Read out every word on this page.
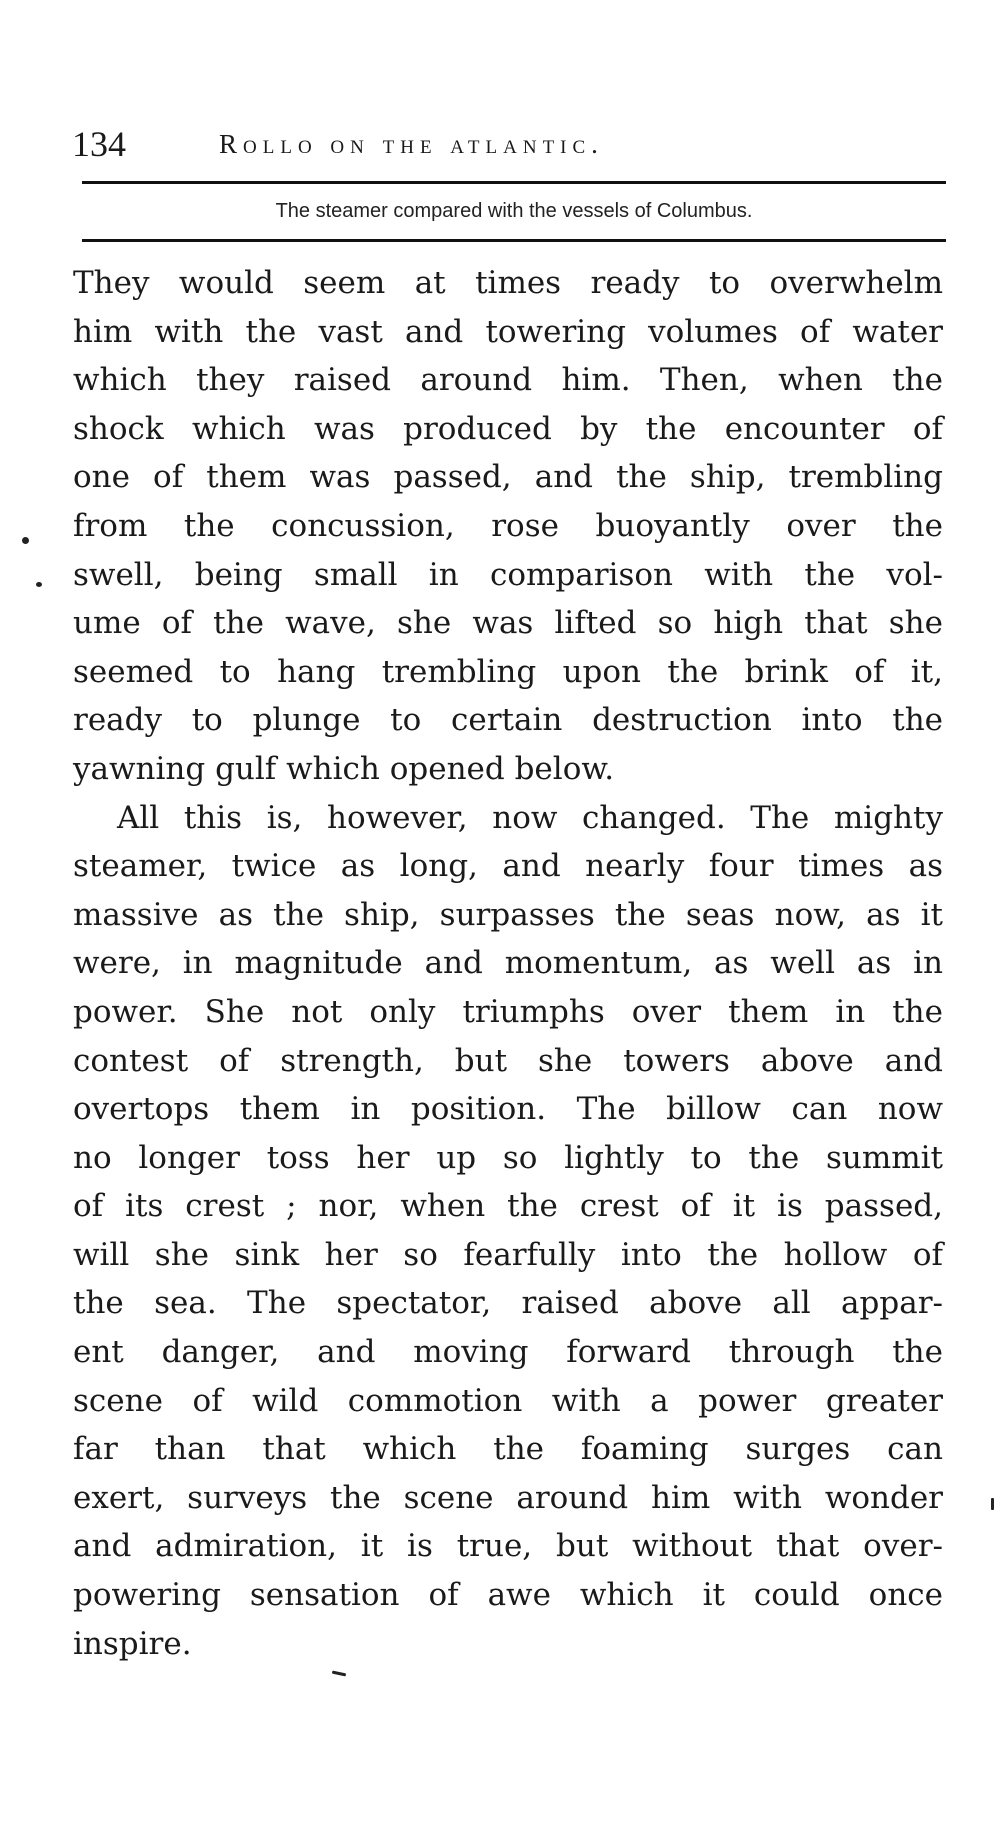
134	rollo on the atlantic.
The steamer compared with the vessels of Columbus.

They would seem at times ready to overwhelm

him with the vast and towering volumes of water

which they raised around him. Then, when the

shock which was produced by the encounter of

one of them was passed, and the ship, trembling

from the concussion, rose buoyantly over the

swell, being small in comparison with the vol-

ume of the wave, she was lifted so high that she

seemed to hang trembling upon the brink of it,

ready to plunge to certain destruction into the

yawning gulf which opened below.

All this is, however, now changed. The mighty

steamer, twice as long, and nearly four times as

massive as the ship, surpasses the seas now, as it

were, in magnitude and momentum, as well as in

power. She not only triumphs over them in the

contest of strength, but she towers above and

overtops them in position. The billow can now

no longer toss her up so lightly to the summit

of its crest ; nor, when the crest of it is passed,

will she sink her so fearfully into the hollow of

the sea. The spectator, raised above all appar-

ent danger, and moving forward through the

scene of wild commotion with a power greater

far than that which the foaming surges can

exert, surveys the scene around him with wonder

and admiration, it is true, but without that over-

powering sensation of awe which it could once

inspire.
